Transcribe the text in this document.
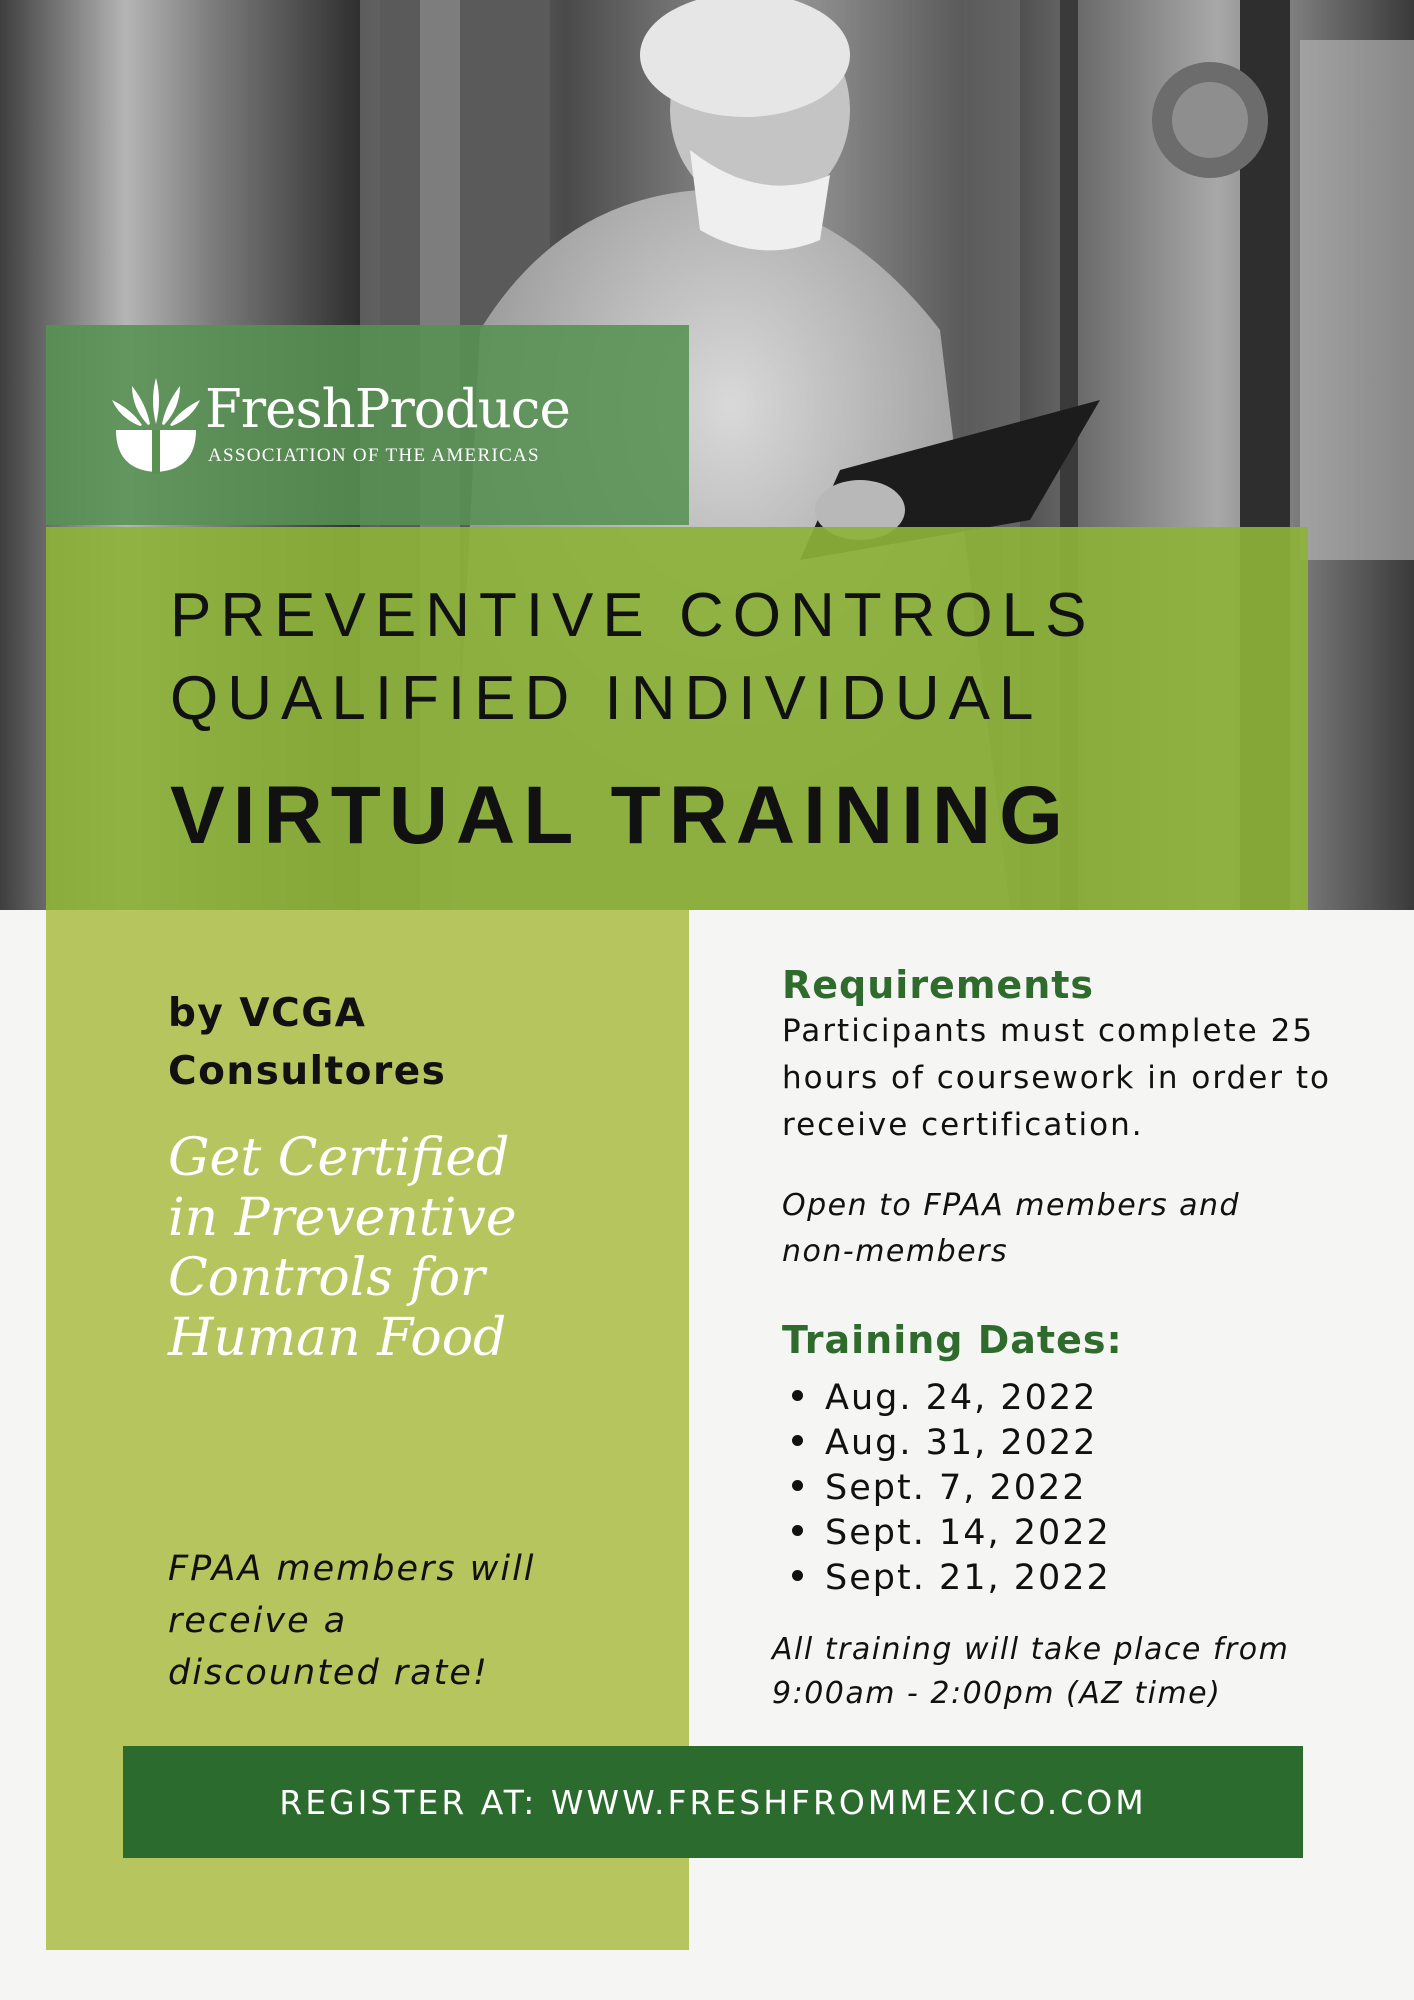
FreshProduce
ASSOCIATION OF THE AMERICAS
PREVENTIVE CONTROLS
QUALIFIED INDIVIDUAL
VIRTUAL TRAINING
by VCGA Consultores
Get Certified in Preventive Controls for Human Food
FPAA members will receive a discounted rate!
Requirements
Participants must complete 25 hours of coursework in order to receive certification.
Open to FPAA members and non-members
Training Dates:
Aug. 24, 2022
Aug. 31, 2022
Sept. 7, 2022
Sept. 14, 2022
Sept. 21, 2022
All training will take place from 9:00am - 2:00pm (AZ time)
REGISTER AT: WWW.FRESHFROMMEXICO.COM
